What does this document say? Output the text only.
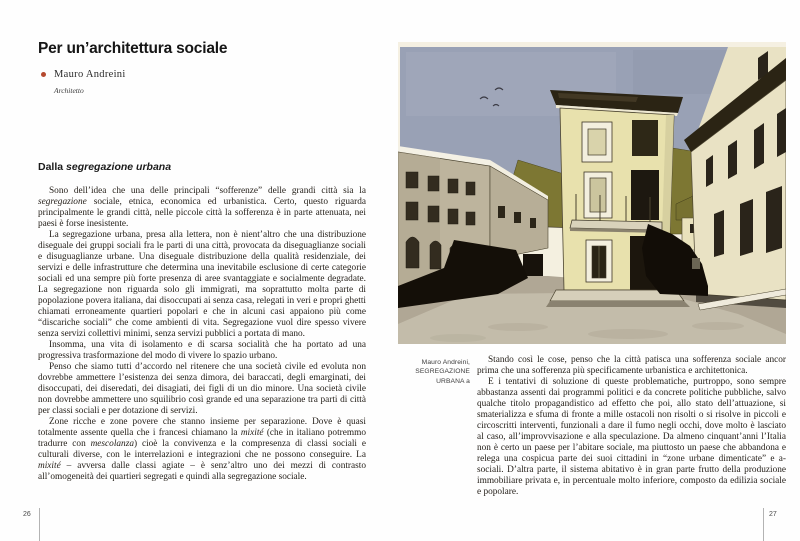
Per un’architettura sociale
Mauro Andreini
Architetto
Dalla segregazione urbana

Sono dell’idea che una delle principali “sofferenze” delle grandi città sia la segregazione sociale, etnica, economica ed urbanistica. Certo, questo riguarda principalmente le grandi città, nelle piccole città la sofferenza è in parte attenuata, nei paesi è forse inesistente.

La segregazione urbana, presa alla lettera, non è nient’altro che una distribuzione diseguale dei gruppi sociali fra le parti di una città, provocata da diseguaglianze sociali e disuguaglianze urbane. Una diseguale distribuzione della qualità residenziale, dei servizi e delle infrastrutture che determina una inevitabile esclusione di certe categorie sociali ed una sempre più forte presenza di aree svantaggiate e socialmente degradate. La segregazione non riguarda solo gli immigrati, ma soprattutto molta parte di popolazione povera italiana, dai disoccupati ai senza casa, relegati in veri e propri ghetti chiamati erroneamente quartieri popolari e che in alcuni casi appaiono più come “discariche sociali” che come ambienti di vita. Segregazione vuol dire spesso vivere senza servizi collettivi minimi, senza servizi pubblici a portata di mano.

Insomma, una vita di isolamento e di scarsa socialità che ha portato ad una progressiva trasformazione del modo di vivere lo spazio urbano.

Penso che siamo tutti d’accordo nel ritenere che una società civile ed evoluta non dovrebbe ammettere l’esistenza dei senza dimora, dei baraccati, degli emarginati, dei disoccupati, dei diseredati, dei disagiati, dei figli di un dio minore. Una società civile non dovrebbe ammettere uno squilibrio così grande ed una separazione tra parti di città per classi sociali e per dotazione di servizi.

Zone ricche e zone povere che stanno insieme per separazione. Dove è quasi totalmente assente quella che i francesi chiamano la mixité (che in italiano potremmo tradurre con mescolanza) cioè la convivenza e la compresenza di classi sociali e culturali diverse, con le interrelazioni e integrazioni che ne possono conseguire. La mixité – avversa dalle classi agiate – è senz’altro uno dei mezzi di contrasto all’omogeneità dei quartieri segregati e quindi alla segregazione sociale.

26
Mauro Andreini,
SEGREGAZIONE
URBANA a

Stando così le cose, penso che la città patisca una sofferenza sociale ancor prima che una sofferenza più specificamente urbanistica e architettonica.

E i tentativi di soluzione di queste problematiche, purtroppo, sono sempre abbastanza assenti dai programmi politici e da concrete politiche pubbliche, salvo qualche titolo propagandistico ad effetto che poi, allo stato dell’attuazione, si smaterializza e sfuma di fronte a mille ostacoli non risolti o si risolve in piccoli e circoscritti interventi, funzionali a dare il fumo negli occhi, dove molto è lasciato al caso, all’improvvisazione e alla speculazione. Da almeno cinquant’anni l’Italia non è certo un paese per l’abitare sociale, ma piuttosto un paese che abbandona e relega una cospicua parte dei suoi cittadini in “zone urbane dimenticate” e a-sociali. D’altra parte, il sistema abitativo è in gran parte frutto della produzione immobiliare privata e, in percentuale molto inferiore, composto da edilizia sociale e popolare.

27
